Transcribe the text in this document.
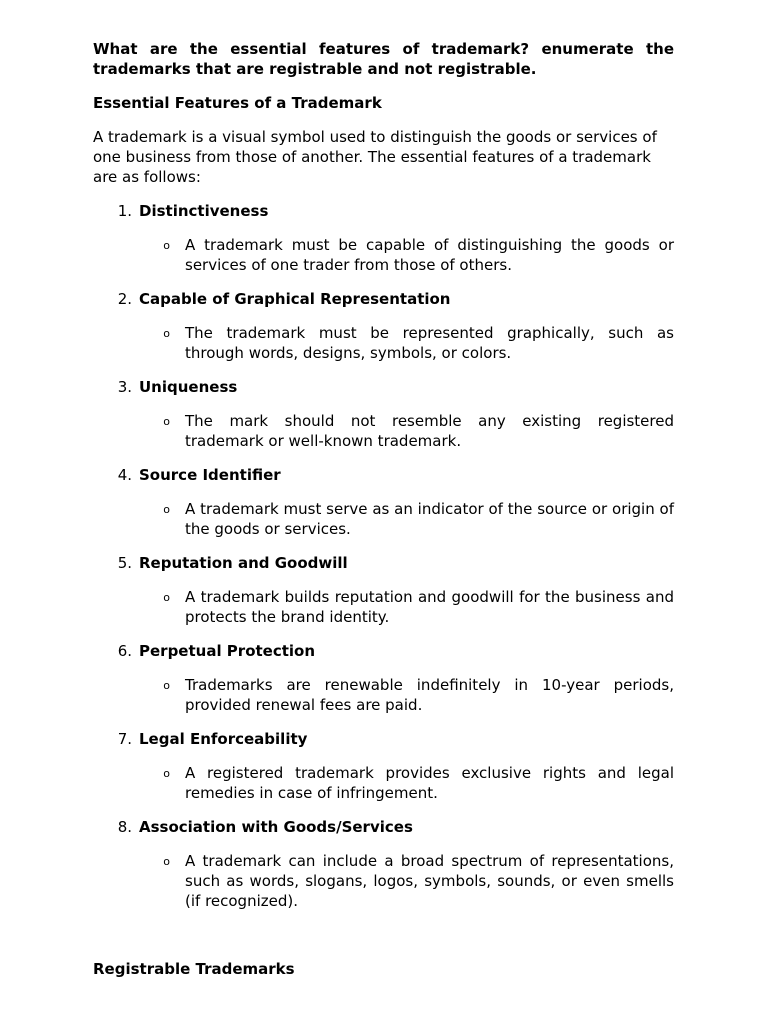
What are the essential features of trademark? enumerate the trademarks that are registrable and not registrable.

Essential Features of a Trademark

A trademark is a visual symbol used to distinguish the goods or services of one business from those of another. The essential features of a trademark are as follows:

1. Distinctiveness
o	A trademark must be capable of distinguishing the goods or services of one trader from those of others.
2. Capable of Graphical Representation
o	The trademark must be represented graphically, such as through words, designs, symbols, or colors.
3. Uniqueness
o	The mark should not resemble any existing registered trademark or well-known trademark.
4. Source Identifier
o	A trademark must serve as an indicator of the source or origin of the goods or services.
5. Reputation and Goodwill
o	A trademark builds reputation and goodwill for the business and protects the brand identity.
6. Perpetual Protection
o	Trademarks are renewable indefinitely in 10-year periods, provided renewal fees are paid.
7. Legal Enforceability
o	A registered trademark provides exclusive rights and legal remedies in case of infringement.
8. Association with Goods/Services
o	A trademark can include a broad spectrum of representations, such as words, slogans, logos, symbols, sounds, or even smells (if recognized).

Registrable Trademarks
